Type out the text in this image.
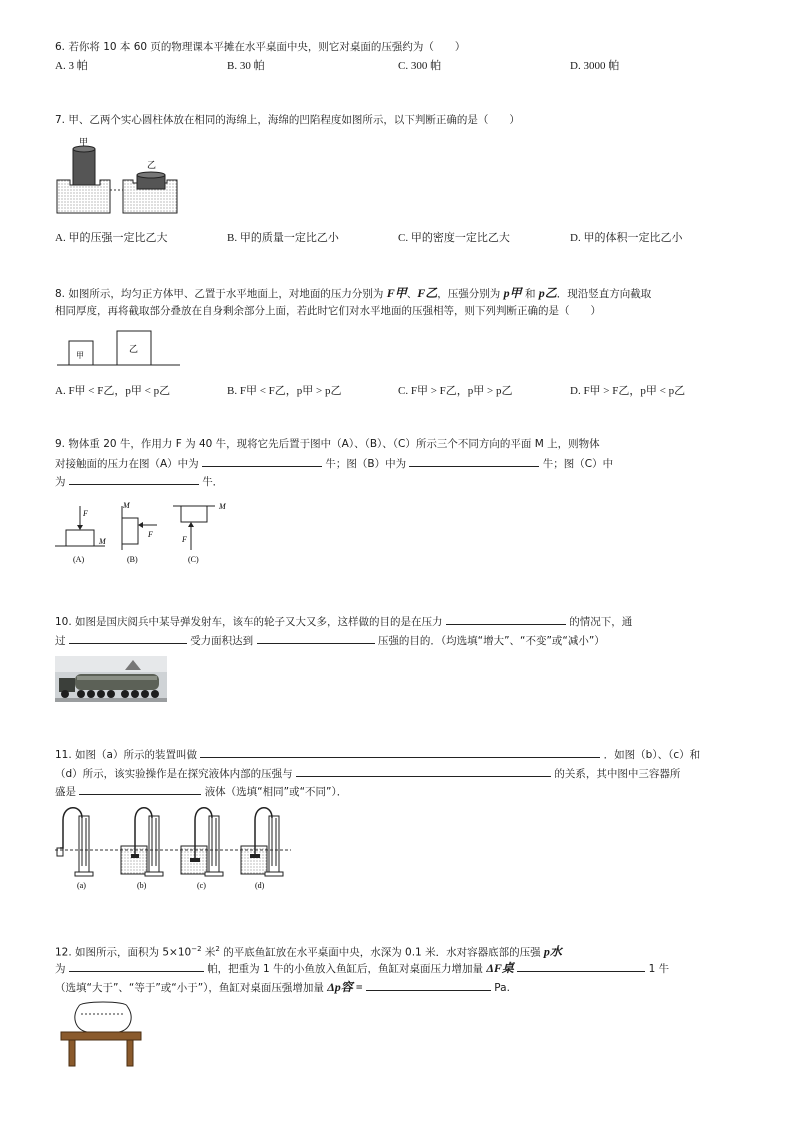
6. 若你将 10 本 60 页的物理课本平摊在水平桌面中央，则它对桌面的压强约为（　　）
A. 3 帕	B. 30 帕	C. 300 帕	D. 3000 帕
7. 甲、乙两个实心圆柱体放在相同的海绵上，海绵的凹陷程度如图所示，以下判断正确的是（　　）
甲
乙
A. 甲的压强一定比乙大	B. 甲的质量一定比乙小	C. 甲的密度一定比乙大	D. 甲的体积一定比乙小
8. 如图所示，均匀正方体甲、乙置于水平地面上，对地面的压力分别为 F甲、F乙，压强分别为 p甲 和 p乙．现沿竖直方向截取
相同厚度，再将截取部分叠放在自身剩余部分上面，若此时它们对水平地面的压强相等，则下列判断正确的是（　　）
甲
乙
A. F甲 < F乙，p甲 < p乙	B. F甲 < F乙，p甲 > p乙	C. F甲 > F乙，p甲 > p乙	D. F甲 > F乙，p甲 < p乙
9. 物体重 20 牛，作用力 F 为 40 牛，现将它先后置于图中（A）、（B）、（C）所示三个不同方向的平面 M 上，则物体
对接触面的压力在图（A）中为	牛；图（B）中为	牛；图（C）中
为	牛．
F
M
(A)
M
F
(B)
M
F
(C)
10. 如图是国庆阅兵中某导弹发射车，该车的轮子又大又多，这样做的目的是在压力	的情况下，通
过	受力面积达到	压强的目的．（均选填“增大”、“不变”或“减小”）
11. 如图（a）所示的装置叫做	．如图（b）、（c）和
（d）所示，该实验操作是在探究液体内部的压强与	的关系，其中图中三容器所
盛是	液体（选填“相同”或“不同”）．
(a)	(b)	(c)	(d)
12. 如图所示，面积为 $5\times 10^{-2}$ 米$^2$ 的平底鱼缸放在水平桌面中央，水深为 0.1 米．水对容器底部的压强 p水
为	帕，把重为 1 牛的小鱼放入鱼缸后，鱼缸对桌面压力增加量 ΔF桌	1 牛
（选填“大于”、“等于”或“小于”），鱼缸对桌面压强增加量 Δp容 =	Pa.
